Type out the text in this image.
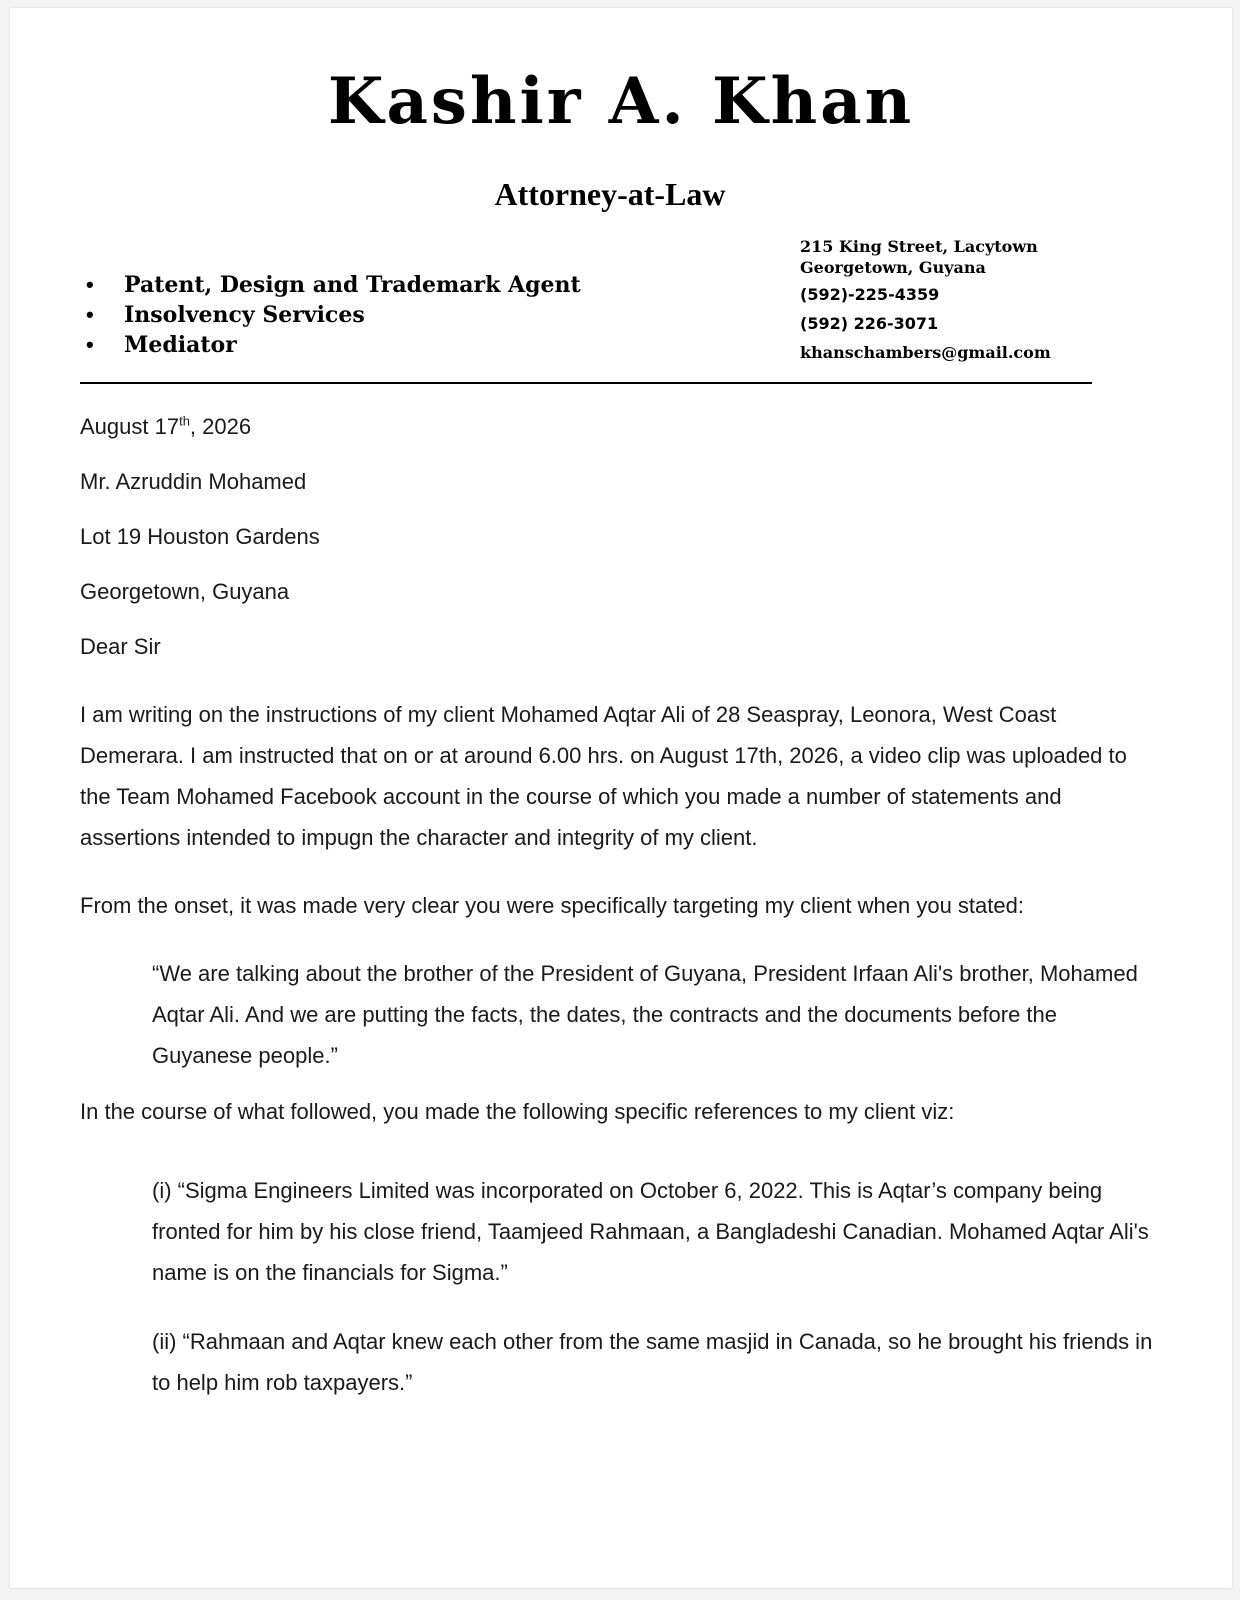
Kashir A. Khan
Attorney-at-Law
• Patent, Design and Trademark Agent
• Insolvency Services
• Mediator
215 King Street, Lacytown
Georgetown, Guyana
(592)-225-4359
(592) 226-3071
khanschambers@gmail.com
August 17th, 2026
Mr. Azruddin Mohamed
Lot 19 Houston Gardens
Georgetown, Guyana
Dear Sir

I am writing on the instructions of my client Mohamed Aqtar Ali of 28 Seaspray, Leonora, West Coast Demerara. I am instructed that on or at around 6.00 hrs. on August 17th, 2026, a video clip was uploaded to the Team Mohamed Facebook account in the course of which you made a number of statements and assertions intended to impugn the character and integrity of my client.

From the onset, it was made very clear you were specifically targeting my client when you stated:

“We are talking about the brother of the President of Guyana, President Irfaan Ali's brother, Mohamed Aqtar Ali. And we are putting the facts, the dates, the contracts and the documents before the Guyanese people.”

In the course of what followed, you made the following specific references to my client viz:

(i) “Sigma Engineers Limited was incorporated on October 6, 2022. This is Aqtar’s company being fronted for him by his close friend, Taamjeed Rahmaan, a Bangladeshi Canadian. Mohamed Aqtar Ali's name is on the financials for Sigma.”

(ii) “Rahmaan and Aqtar knew each other from the same masjid in Canada, so he brought his friends in to help him rob taxpayers.”
